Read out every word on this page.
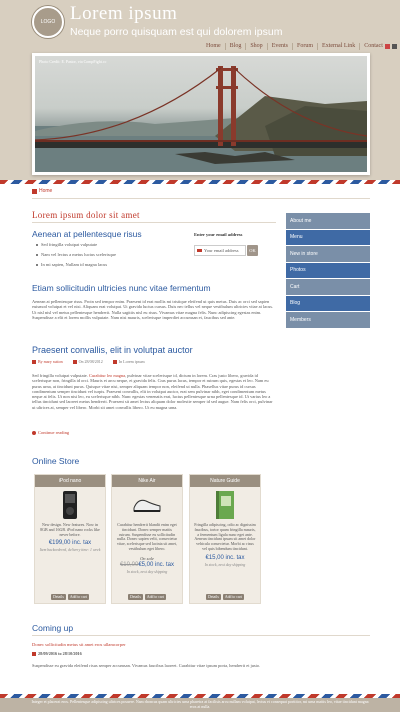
LOGO Lorem ipsum
Neque porro quisquam est qui dolorem ipsum
Home	Blog	Shop	Events	Forum	External Link	Contact
Photo Credit: E. Pastor, via CompFight.cc
Home
Lorem ipsum dolor sit amet
Aenean at pellentesque risus
Sed fringilla volutpat vulputate
Nam vel lectus a metus luctus scelerisque
In mi sapien, Nullam id magna lacus
Enter your email address
Your email address	OK
Etiam sollicitudin ultricies nunc vitae fermentum
Aenean at pellentesque risus. Proin sed tempor enim. Praesent id erat mollis mi tristique eleifend ut quis metus. Duis ac orci sed sapien euismod volutpat et vel nisi. Aliquam erat volutpat. Ut gravida luctus cursus. Duis nec tellus vel neque vestibulum ultricies vitae at lacus. Ut nisl nisl vel metus pellentesque hendrerit. Nulla sagittis nisl eu risus. Vivamus vitae magna felis. Nunc adipiscing egestas enim. Suspendisse a elit et lorem mollis vulputate. Nam nisi mauris, scelerisque imperdiet accumsan et, faucibus sed ante.
Praesent convallis, elit in volutpat auctor
By mary sutton	On 28/08/2012	In Lorem ipsum
Sed fringilla volutpat vulputate. Curabitur leo magna, pulvinar vitae scelerisque id, dictum in lorem. Cras justo libero, gravida id scelerisque non, fringilla id orci. Mauris et arcu neque, et gravida felis. Cras purus lacus, tempor et rutrum quis, egestas et leo. Nam eu purus urna, at tincidunt purus. Quisque vitae nisi, semper aliquam tempor non, eleifend ut nulla. Phasellus vitae purus id cursus condimentum semper tincidunt vel turpis. Praesent convallis, elit in volutpat auctor, erat sem pulvinar nibh, eget condimentum metus neque at felis. Ut non nisi leo, eu scelerisque nibh. Nunc egestas venenatis erat, luctus pellentesque urna pellentesque id. Ut varius leo a tellus tincidunt sed laoreet metus hendrerit. Praesent sit amet lectus aliquam dolor molestie semper id sed augue. Nam felis orci, pulvinar ut ultrices at, semper vel libero. Morbi sit amet convallis libero. Ut eu magna urna.
Continue reading
About me
Menu
New in store
Photos
Cart
Blog
Members
Online Store
iPod nano
New design. New features. Now in 8GB and 16GB. iPod nano rocks like never before.
€199,00 inc. tax
Item backordered, delivery time: 1 week
Details	Add to cart
Nike Air
Curabitur hendrerit blandit enim eget tincidunt. Donec semper mattis rutrum. Suspendisse eu sollicitudin nulla. Donec sapien velit, consectetur vitae, scelerisque sed lacinia sit amet, vestibulum eget libero.
On sale
€10,00€5,00 inc. tax
In stock, next day shipping
Details	Add to cart
Nature Guide
Fringilla adipiscing, odio ac dignissim faucibus, tortor quam fringilla mauris, a fermentum ligula nunc eget ante. Aenean tincidunt ipsum sit amet dolor vehicula consectetur. Morbi ac risus vel quis bibendum tincidunt.
€15,00 inc. tax
In stock, next day shipping
Details	Add to cart
Coming up
Donec sollicitudin metus sit amet eros ullamcorper
28/09/2016 to 28/10/2016
Suspendisse eu gravida eleifend risus semper accumsan. Vivamus faucibus laoreet. Curabitur vitae ipsum porta, hendrerit et justo.
Integer et placerat eros. Pellentesque adipiscing ultrices posuere. Nam rhoncus quam ultricies urna pharetra at facilisis arcu nullam volutpat, lectus et consequat porttitor, mi urna mattis leo, vitae tincidunt magna eros at nulla.
